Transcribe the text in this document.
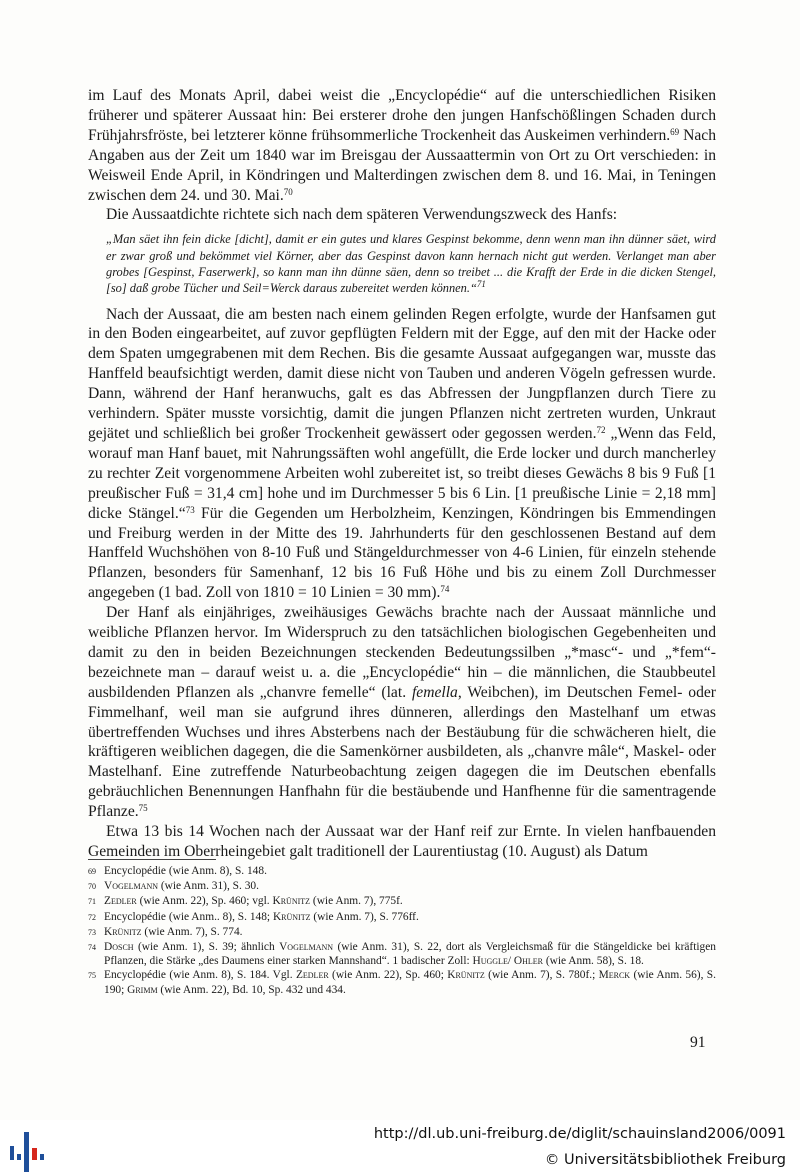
im Lauf des Monats April, dabei weist die „Encyclopédie“ auf die unterschiedlichen Risiken früherer und späterer Aussaat hin: Bei ersterer drohe den jungen Hanfschößlingen Schaden durch Frühjahrsfröste, bei letzterer könne frühsommerliche Trockenheit das Auskeimen verhindern.$^{69}$ Nach Angaben aus der Zeit um 1840 war im Breisgau der Aussaattermin von Ort zu Ort verschieden: in Weisweil Ende April, in Köndringen und Malterdingen zwischen dem 8. und 16. Mai, in Teningen zwischen dem 24. und 30. Mai.$^{70}$

Die Aussaatdichte richtete sich nach dem späteren Verwendungszweck des Hanfs:

„Man säet ihn fein dicke [dicht], damit er ein gutes und klares Gespinst bekomme, denn wenn man ihn dünner säet, wird er zwar groß und bekömmet viel Körner, aber das Gespinst davon kann hernach nicht gut werden. Verlanget man aber grobes [Gespinst, Faserwerk], so kann man ihn dünne säen, denn so treibet ... die Krafft der Erde in die dicken Stengel, [so] daß grobe Tücher und Seil=Werck daraus zubereitet werden können.“$^{71}$

Nach der Aussaat, die am besten nach einem gelinden Regen erfolgte, wurde der Hanfsamen gut in den Boden eingearbeitet, auf zuvor gepflügten Feldern mit der Egge, auf den mit der Hacke oder dem Spaten umgegrabenen mit dem Rechen. Bis die gesamte Aussaat aufgegangen war, musste das Hanffeld beaufsichtigt werden, damit diese nicht von Tauben und anderen Vögeln gefressen wurde. Dann, während der Hanf heranwuchs, galt es das Abfressen der Jungpflanzen durch Tiere zu verhindern. Später musste vorsichtig, damit die jungen Pflanzen nicht zertreten wurden, Unkraut gejätet und schließlich bei großer Trockenheit gewässert oder gegossen werden.$^{72}$ „Wenn das Feld, worauf man Hanf bauet, mit Nahrungssäften wohl angefüllt, die Erde locker und durch mancherley zu rechter Zeit vorgenommene Arbeiten wohl zubereitet ist, so treibt dieses Gewächs 8 bis 9 Fuß [1 preußischer Fuß = 31,4 cm] hohe und im Durchmesser 5 bis 6 Lin. [1 preußische Linie = 2,18 mm] dicke Stängel.“$^{73}$ Für die Gegenden um Herbolzheim, Kenzingen, Köndringen bis Emmendingen und Freiburg werden in der Mitte des 19. Jahrhunderts für den geschlossenen Bestand auf dem Hanffeld Wuchshöhen von 8-10 Fuß und Stängeldurchmesser von 4-6 Linien, für einzeln stehende Pflanzen, besonders für Samenhanf, 12 bis 16 Fuß Höhe und bis zu einem Zoll Durchmesser angegeben (1 bad. Zoll von 1810 = 10 Linien = 30 mm).$^{74}$

Der Hanf als einjähriges, zweihäusiges Gewächs brachte nach der Aussaat männliche und weibliche Pflanzen hervor. Im Widerspruch zu den tatsächlichen biologischen Gegebenheiten und damit zu den in beiden Bezeichnungen steckenden Bedeutungssilben „*masc“- und „*fem“- bezeichnete man – darauf weist u. a. die „Encyclopédie“ hin – die männlichen, die Staubbeutel ausbildenden Pflanzen als „chanvre femelle“ (lat. femella, Weibchen), im Deutschen Femel- oder Fimmelhanf, weil man sie aufgrund ihres dünneren, allerdings den Mastelhanf um etwas übertreffenden Wuchses und ihres Absterbens nach der Bestäubung für die schwächeren hielt, die kräftigeren weiblichen dagegen, die die Samenkörner ausbildeten, als „chanvre mâle“, Maskel- oder Mastelhanf. Eine zutreffende Naturbeobachtung zeigen dagegen die im Deutschen ebenfalls gebräuchlichen Benennungen Hanfhahn für die bestäubende und Hanfhenne für die samentragende Pflanze.$^{75}$

Etwa 13 bis 14 Wochen nach der Aussaat war der Hanf reif zur Ernte. In vielen hanfbauenden Gemeinden im Oberrheingebiet galt traditionell der Laurentiustag (10. August) als Datum

69 Encyclopédie (wie Anm. 8), S. 148.

70 Vogelmann (wie Anm. 31), S. 30.

71 Zedler (wie Anm. 22), Sp. 460; vgl. Krünitz (wie Anm. 7), 775f.

72 Encyclopédie (wie Anm.. 8), S. 148; Krünitz (wie Anm. 7), S. 776ff.

73 Krünitz (wie Anm. 7), S. 774.

74 Dosch (wie Anm. 1), S. 39; ähnlich Vogelmann (wie Anm. 31), S. 22, dort als Vergleichsmaß für die Stängeldicke bei kräftigen Pflanzen, die Stärke „des Daumens einer starken Mannshand“. 1 badischer Zoll: Huggle/ Ohler (wie Anm. 58), S. 18.

75 Encyclopédie (wie Anm. 8), S. 184. Vgl. Zedler (wie Anm. 22), Sp. 460; Krünitz (wie Anm. 7), S. 780f.; Merck (wie Anm. 56), S. 190; Grimm (wie Anm. 22), Bd. 10, Sp. 432 und 434.

91
http://dl.ub.uni-freiburg.de/diglit/schauinsland2006/0091
© Universitätsbibliothek Freiburg
